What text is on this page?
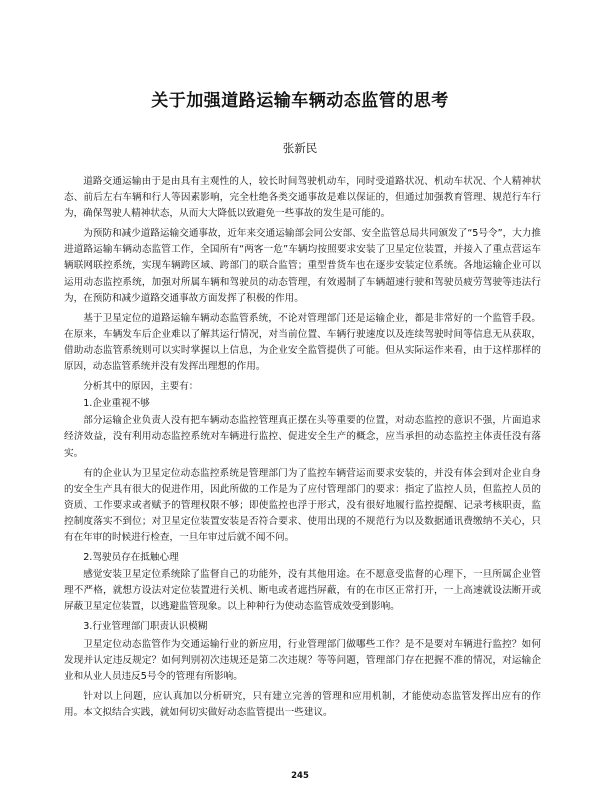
关于加强道路运输车辆动态监管的思考
张新民

道路交通运输由于是由具有主观性的人，较长时间驾驶机动车，同时受道路状况、机动车状况、个人精神状态、前后左右车辆和行人等因素影响，完全杜绝各类交通事故是难以保证的，但通过加强教育管理、规范行车行为，确保驾驶人精神状态，从而大大降低以致避免一些事故的发生是可能的。

为预防和减少道路运输交通事故，近年来交通运输部会同公安部、安全监管总局共同颁发了“5号令”，大力推进道路运输车辆动态监管工作，全国所有“两客一危”车辆均按照要求安装了卫星定位装置，并接入了重点营运车辆联网联控系统，实现车辆跨区域、跨部门的联合监管；重型普货车也在逐步安装定位系统。各地运输企业可以运用动态监控系统，加强对所属车辆和驾驶员的动态管理，有效遏制了车辆超速行驶和驾驶员疲劳驾驶等违法行为，在预防和减少道路交通事故方面发挥了积极的作用。

基于卫星定位的道路运输车辆动态监管系统，不论对管理部门还是运输企业，都是非常好的一个监管手段。在原来，车辆发车后企业难以了解其运行情况，对当前位置、车辆行驶速度以及连续驾驶时间等信息无从获取，借助动态监管系统则可以实时掌握以上信息，为企业安全监管提供了可能。但从实际运作来看，由于这样那样的原因，动态监管系统并没有发挥出理想的作用。

分析其中的原因，主要有：

1.企业重视不够

部分运输企业负责人没有把车辆动态监控管理真正摆在头等重要的位置，对动态监控的意识不强，片面追求经济效益，没有利用动态监控系统对车辆进行监控、促进安全生产的概念，应当承担的动态监控主体责任没有落实。

有的企业认为卫星定位动态监控系统是管理部门为了监控车辆营运而要求安装的，并没有体会到对企业自身的安全生产具有很大的促进作用，因此所做的工作是为了应付管理部门的要求：指定了监控人员，但监控人员的资质、工作要求或者赋予的管理权限不够；即使监控也浮于形式，没有很好地履行监控提醒、记录考核职责，监控制度落实不到位；对卫星定位装置安装是否符合要求、使用出现的不规范行为以及数据通讯费缴纳不关心，只有在年审的时候进行检查，一旦年审过后就不闻不问。

2.驾驶员存在抵触心理

感觉安装卫星定位系统除了监督自己的功能外，没有其他用途。在不愿意受监督的心理下，一旦所属企业管理不严格，就想方设法对定位装置进行关机、断电或者遮挡屏蔽，有的在市区正常打开，一上高速就设法断开或屏蔽卫星定位装置，以逃避监管现象。以上种种行为使动态监管成效受到影响。

3.行业管理部门职责认识模糊

卫星定位动态监管作为交通运输行业的新应用，行业管理部门做哪些工作？是不是要对车辆进行监控？如何发现并认定违反规定？如何判别初次违规还是第二次违规？等等问题，管理部门存在把握不准的情况，对运输企业和从业人员违反5号令的管理有所影响。

针对以上问题，应认真加以分析研究，只有建立完善的管理和应用机制，才能使动态监管发挥出应有的作用。本文拟结合实践，就如何切实做好动态监管提出一些建议。

245
